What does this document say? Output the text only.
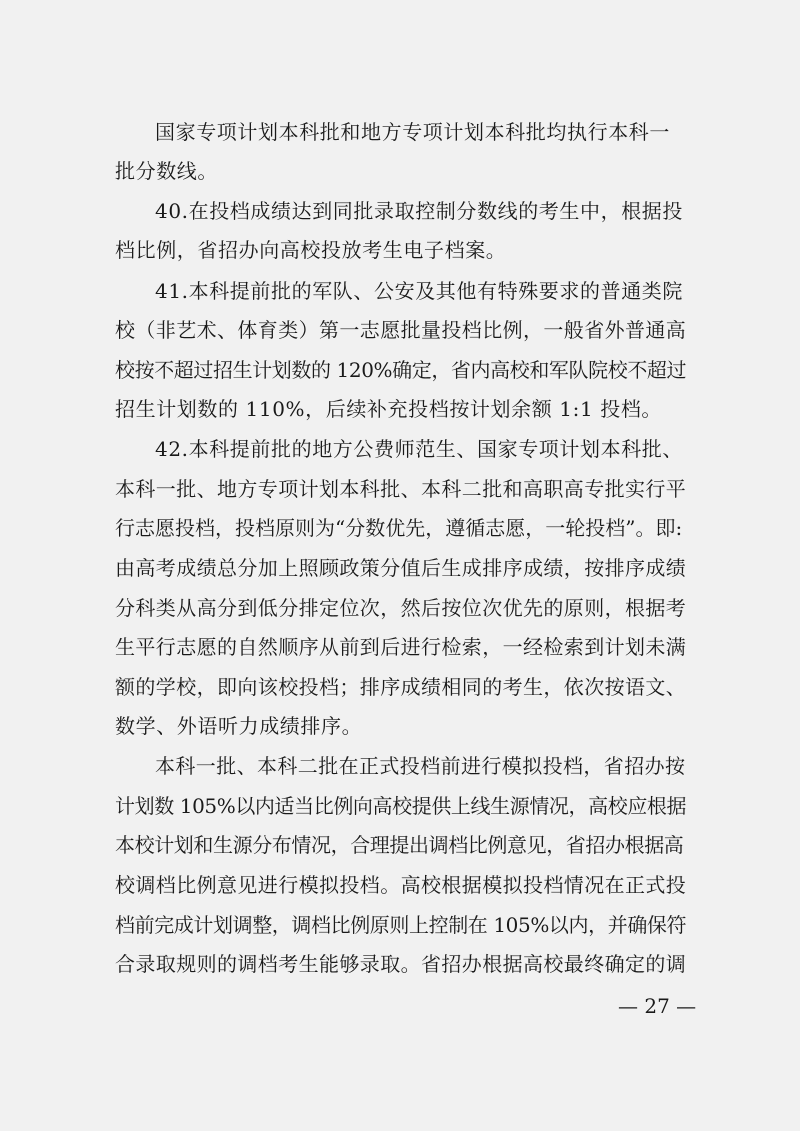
国家专项计划本科批和地方专项计划本科批均执行本科一
批分数线。
40.在投档成绩达到同批录取控制分数线的考生中，根据投
档比例，省招办向高校投放考生电子档案。
41.本科提前批的军队、公安及其他有特殊要求的普通类院
校（非艺术、体育类）第一志愿批量投档比例，一般省外普通高
校按不超过招生计划数的 120%确定，省内高校和军队院校不超过
招生计划数的 110%，后续补充投档按计划余额 1:1 投档。
42.本科提前批的地方公费师范生、国家专项计划本科批、
本科一批、地方专项计划本科批、本科二批和高职高专批实行平
行志愿投档，投档原则为“分数优先，遵循志愿，一轮投档”。即:
由高考成绩总分加上照顾政策分值后生成排序成绩，按排序成绩
分科类从高分到低分排定位次，然后按位次优先的原则，根据考
生平行志愿的自然顺序从前到后进行检索，一经检索到计划未满
额的学校，即向该校投档；排序成绩相同的考生，依次按语文、
数学、外语听力成绩排序。
本科一批、本科二批在正式投档前进行模拟投档，省招办按
计划数 105%以内适当比例向高校提供上线生源情况，高校应根据
本校计划和生源分布情况，合理提出调档比例意见，省招办根据高
校调档比例意见进行模拟投档。高校根据模拟投档情况在正式投
档前完成计划调整，调档比例原则上控制在 105%以内，并确保符
合录取规则的调档考生能够录取。省招办根据高校最终确定的调
— 27 —
